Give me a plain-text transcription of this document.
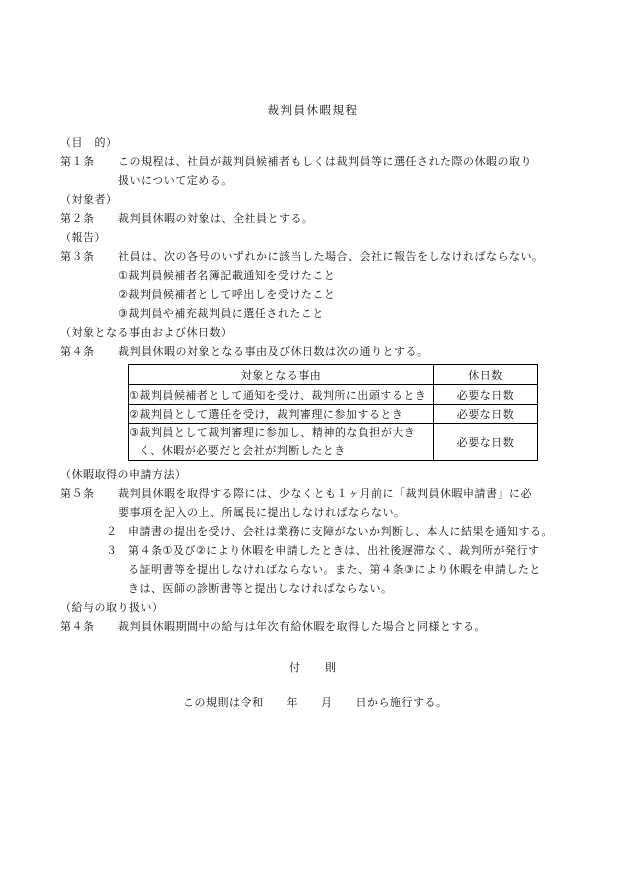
裁判員休暇規程
（目　的）
第１条 この規程は、社員が裁判員候補者もしくは裁判員等に選任された際の休暇の取り
扱いについて定める。
（対象者）
第２条 裁判員休暇の対象は、全社員とする。
（報告）
第３条 社員は、次の各号のいずれかに該当した場合、会社に報告をしなければならない。
①裁判員候補者名簿記載通知を受けたこと
②裁判員候補者として呼出しを受けたこと
③裁判員や補充裁判員に選任されたこと
（対象となる事由および休日数）
第４条 裁判員休暇の対象となる事由及び休日数は次の通りとする。
対象となる事由	休日数
①裁判員候補者として通知を受け、裁判所に出頭するとき	必要な日数
②裁判員として選任を受け，裁判審理に参加するとき	必要な日数

③裁判員として裁判審理に参加し、精神的な負担が大き
く、休暇が必要だと会社が判断したとき	必要な日数
（休暇取得の申請方法）
第５条 裁判員休暇を取得する際には、少なくとも１ヶ月前に「裁判員休暇申請書」に必
要事項を記入の上、所属長に提出しなければならない。
２ 申請書の提出を受け、会社は業務に支障がないか判断し、本人に結果を通知する。
３ 第４条①及び②により休暇を申請したときは、出社後遅滞なく、裁判所が発行す
る証明書等を提出しなければならない。また、第４条③により休暇を申請したと
きは、医師の診断書等と提出しなければならない。
（給与の取り扱い）
第４条 裁判員休暇期間中の給与は年次有給休暇を取得した場合と同様とする。
付　　則
この規則は令和　　年　　月　　日から施行する。
